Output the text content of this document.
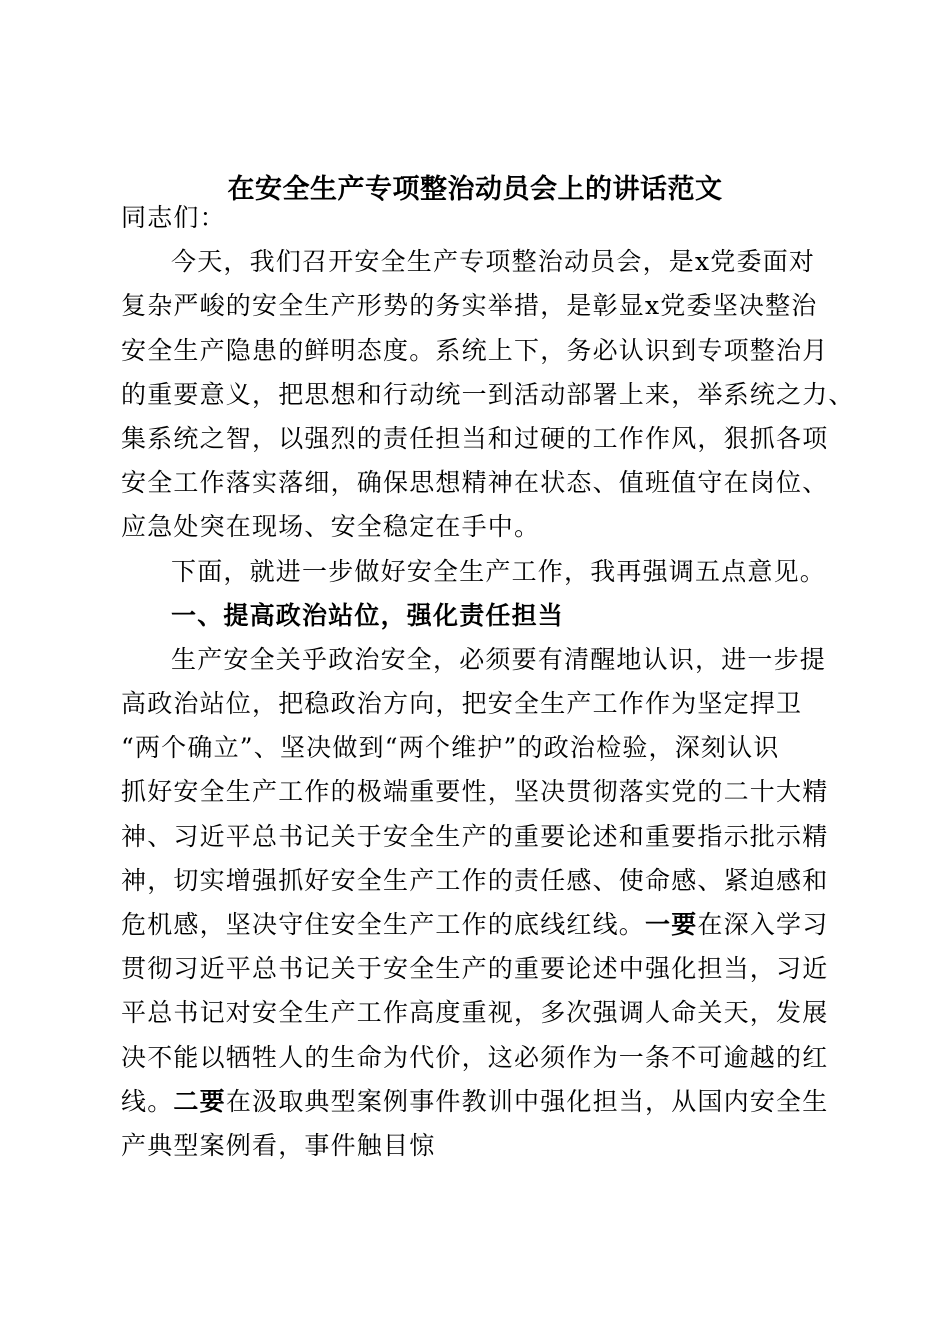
在安全生产专项整治动员会上的讲话范文
同志们：
今天，我们召开安全生产专项整治动员会，是x党委面对
复杂严峻的安全生产形势的务实举措，是彰显x党委坚决整治
安全生产隐患的鲜明态度。系统上下，务必认识到专项整治月
的重要意义，把思想和行动统一到活动部署上来，举系统之力、
集系统之智，以强烈的责任担当和过硬的工作作风，狠抓各项
安全工作落实落细，确保思想精神在状态、值班值守在岗位、
应急处突在现场、安全稳定在手中。
下面，就进一步做好安全生产工作，我再强调五点意见。
一、提高政治站位，强化责任担当
生产安全关乎政治安全，必须要有清醒地认识，进一步提
高政治站位，把稳政治方向，把安全生产工作作为坚定捍卫
“两个确立”、坚决做到“两个维护”的政治检验，深刻认识
抓好安全生产工作的极端重要性，坚决贯彻落实党的二十大精
神、习近平总书记关于安全生产的重要论述和重要指示批示精
神，切实增强抓好安全生产工作的责任感、使命感、紧迫感和
危机感，坚决守住安全生产工作的底线红线。一要在深入学习
贯彻习近平总书记关于安全生产的重要论述中强化担当，习近
平总书记对安全生产工作高度重视，多次强调人命关天，发展
决不能以牺牲人的生命为代价，这必须作为一条不可逾越的红
线。二要在汲取典型案例事件教训中强化担当，从国内安全生
产典型案例看，事件触目惊
